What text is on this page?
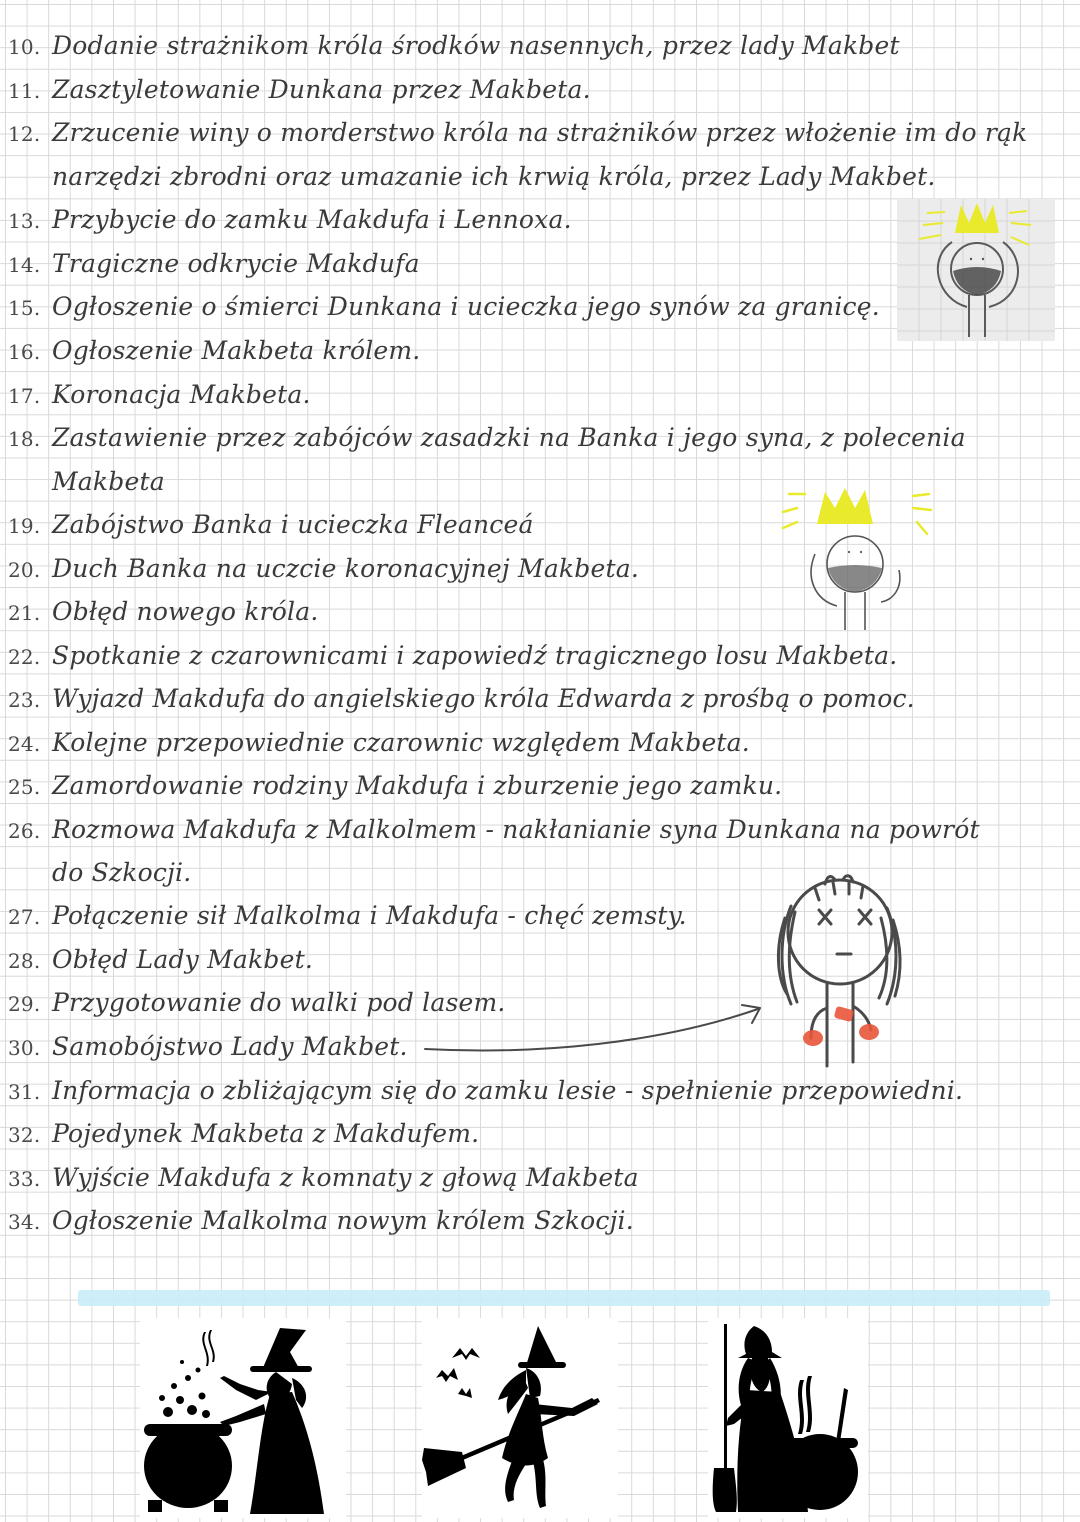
10. Dodanie strażnikom króla środków nasennych, przez lady Makbet
11. Zasztyletowanie Dunkana przez Makbeta.
12. Zrzucenie winy o morderstwo króla na strażników przez włożenie im do rąk
narzędzi zbrodni oraz umazanie ich krwią króla, przez Lady Makbet.
13. Przybycie do zamku Makdufa i Lennoxa.
14. Tragiczne odkrycie Makdufa
15. Ogłoszenie o śmierci Dunkana i ucieczka jego synów za granicę.
16. Ogłoszenie Makbeta królem.
17. Koronacja Makbeta.
18. Zastawienie przez zabójców zasadzki na Banka i jego syna, z polecenia
Makbeta
19. Zabójstwo Banka i ucieczka Fleanceá
20. Duch Banka na uczcie koronacyjnej Makbeta.
21. Obłęd nowego króla.
22. Spotkanie z czarownicami i zapowiedź tragicznego losu Makbeta.
23. Wyjazd Makdufa do angielskiego króla Edwarda z prośbą o pomoc.
24. Kolejne przepowiednie czarownic względem Makbeta.
25. Zamordowanie rodziny Makdufa i zburzenie jego zamku.
26. Rozmowa Makdufa z Malkolmem - nakłanianie syna Dunkana na powrót
do Szkocji.
27. Połączenie sił Malkolma i Makdufa - chęć zemsty.
28. Obłęd Lady Makbet.
29. Przygotowanie do walki pod lasem.
30. Samobójstwo Lady Makbet.
31. Informacja o zbliżającym się do zamku lesie - spełnienie przepowiedni.
32. Pojedynek Makbeta z Makdufem.
33. Wyjście Makdufa z komnaty z głową Makbeta
34. Ogłoszenie Malkolma nowym królem Szkocji.
